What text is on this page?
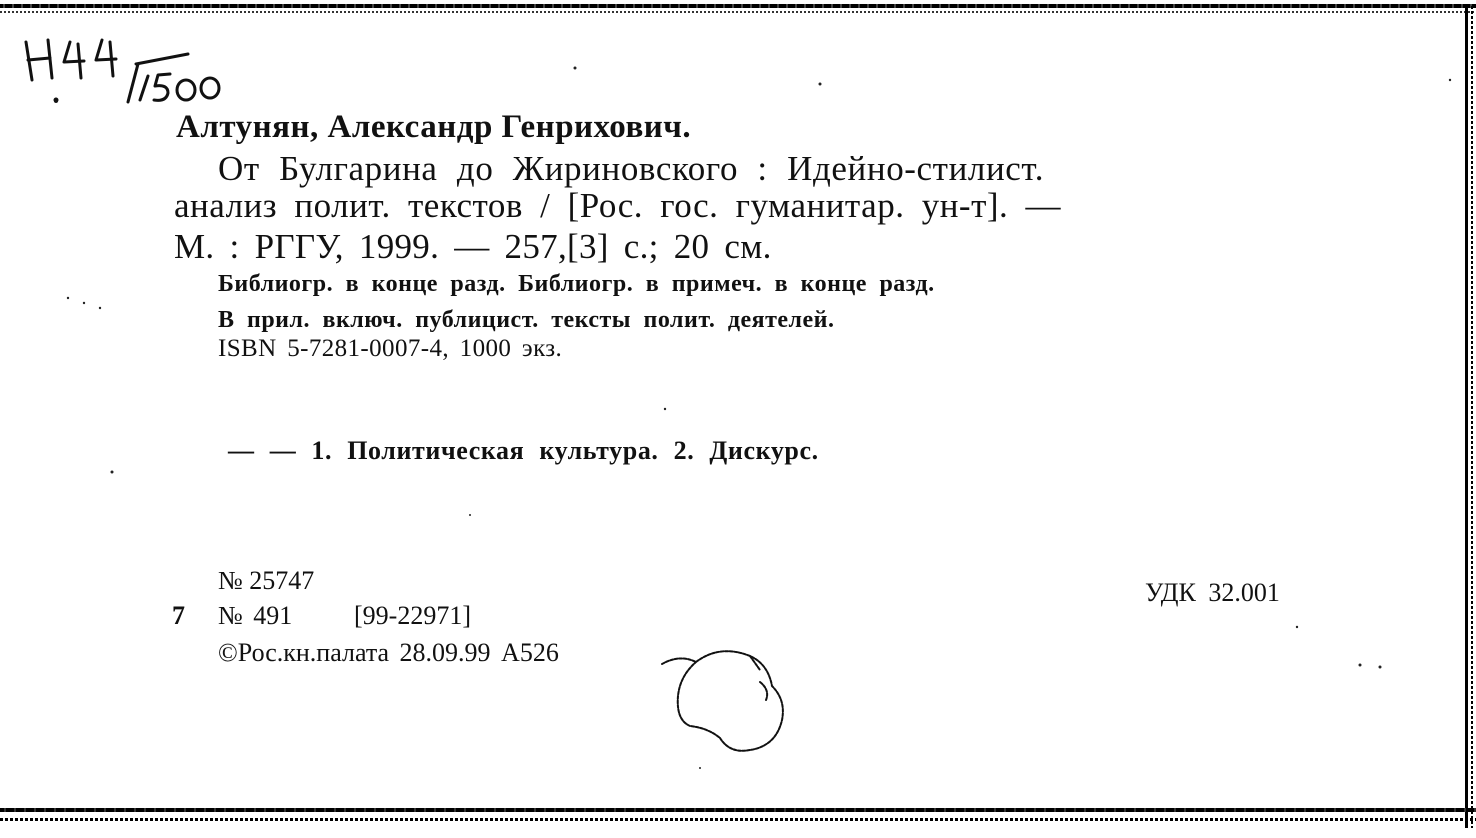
Алтунян, Александр Генрихович.
От Булгарина до Жириновского : Идейно-стилист.
анализ полит. текстов / [Рос. гос. гуманитар. ун-т]. —
М. : РГГУ, 1999. — 257,[3] с.; 20 см.
Библиогр. в конце разд. Библиогр. в примеч. в конце разд.
В прил. включ. публицист. тексты полит. деятелей.
ISBN 5-7281-0007-4, 1000 экз.
— — 1. Политическая культура. 2. Дискурс.
№ 25747
7 № 491 [99-22971]
©Рос.кн.палата 28.09.99 A526
УДК 32.001
